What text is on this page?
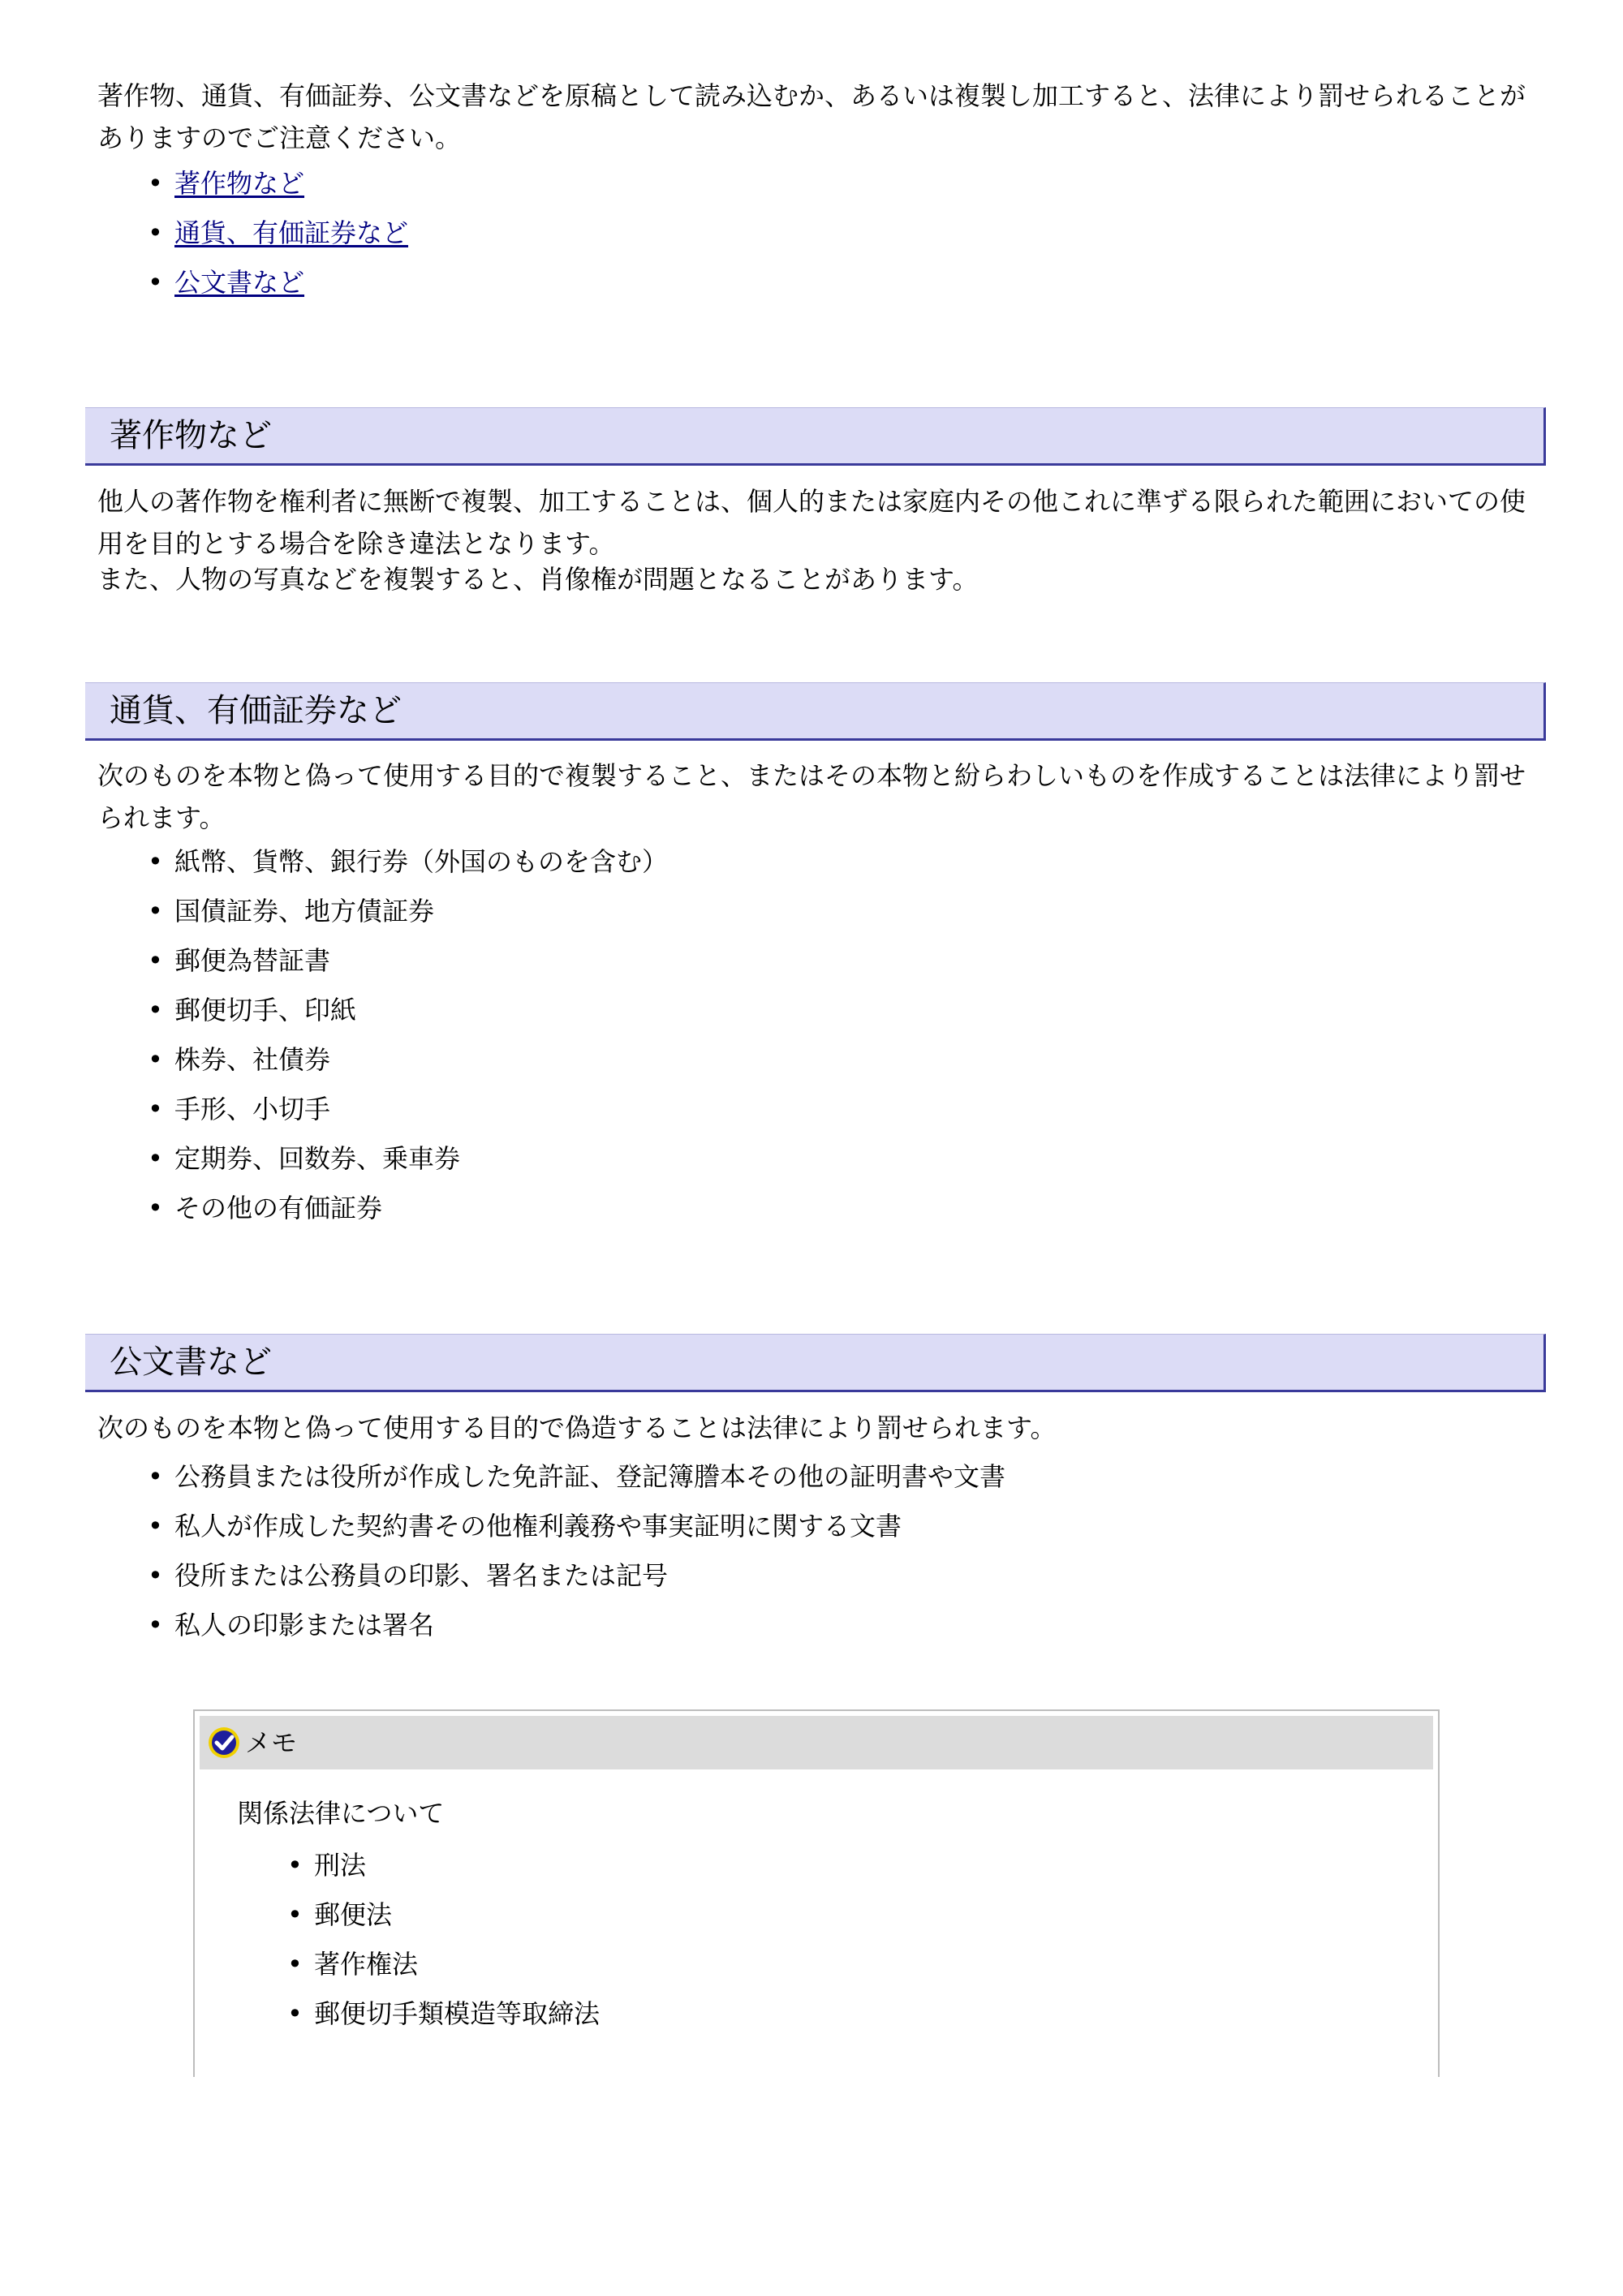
著作物、通貨、有価証券、公文書などを原稿として読み込むか、あるいは複製し加工すると、法律により罰せられることがありますのでご注意ください。
• 著作物など
• 通貨、有価証券など
• 公文書など
著作物など
他人の著作物を権利者に無断で複製、加工することは、個人的または家庭内その他これに準ずる限られた範囲においての使用を目的とする場合を除き違法となります。
また、人物の写真などを複製すると、肖像権が問題となることがあります。
通貨、有価証券など
次のものを本物と偽って使用する目的で複製すること、またはその本物と紛らわしいものを作成することは法律により罰せられます。
• 紙幣、貨幣、銀行券（外国のものを含む）
• 国債証券、地方債証券
• 郵便為替証書
• 郵便切手、印紙
• 株券、社債券
• 手形、小切手
• 定期券、回数券、乗車券
• その他の有価証券
公文書など
次のものを本物と偽って使用する目的で偽造することは法律により罰せられます。
• 公務員または役所が作成した免許証、登記簿謄本その他の証明書や文書
• 私人が作成した契約書その他権利義務や事実証明に関する文書
• 役所または公務員の印影、署名または記号
• 私人の印影または署名
メモ
関係法律について
• 刑法
• 郵便法
• 著作権法
• 郵便切手類模造等取締法
